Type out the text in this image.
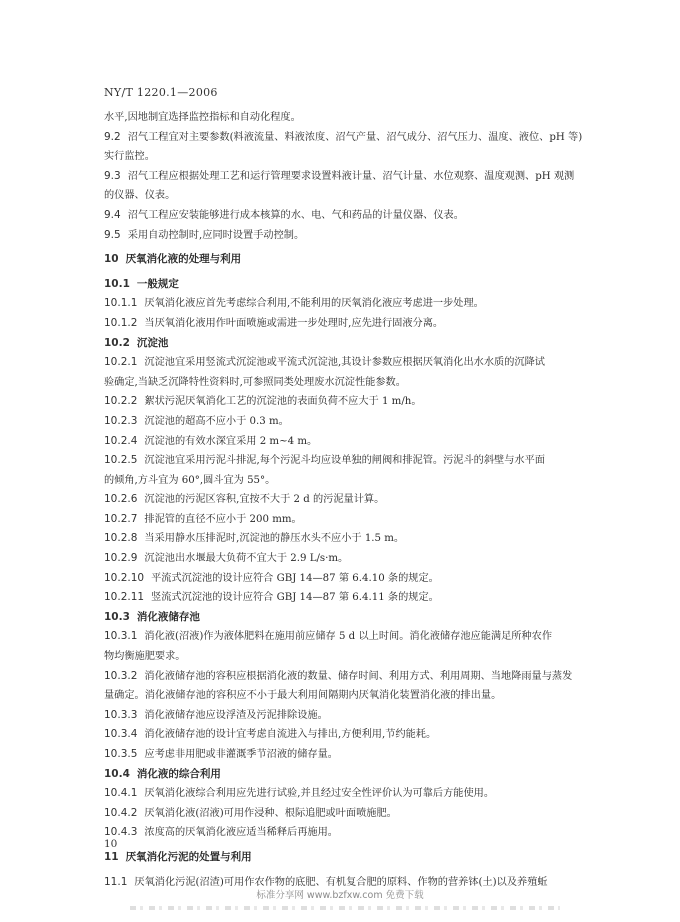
NY/T 1220.1—2006

水平,因地制宜选择监控指标和自动化程度。

9.2 沼气工程宜对主要参数(料液流量、料液浓度、沼气产量、沼气成分、沼气压力、温度、液位、pH 等)

实行监控。

9.3 沼气工程应根据处理工艺和运行管理要求设置料液计量、沼气计量、水位观察、温度观测、pH 观测

的仪器、仪表。

9.4 沼气工程应安装能够进行成本核算的水、电、气和药品的计量仪器、仪表。

9.5 采用自动控制时,应同时设置手动控制。

10 厌氧消化液的处理与利用

10.1 一般规定

10.1.1 厌氧消化液应首先考虑综合利用,不能利用的厌氧消化液应考虑进一步处理。

10.1.2 当厌氧消化液用作叶面喷施或需进一步处理时,应先进行固液分离。

10.2 沉淀池

10.2.1 沉淀池宜采用竖流式沉淀池或平流式沉淀池,其设计参数应根据厌氧消化出水水质的沉降试

验确定,当缺乏沉降特性资料时,可参照同类处理废水沉淀性能参数。

10.2.2 絮状污泥厌氧消化工艺的沉淀池的表面负荷不应大于 1 m/h。

10.2.3 沉淀池的超高不应小于 0.3 m。

10.2.4 沉淀池的有效水深宜采用 2 m~4 m。

10.2.5 沉淀池宜采用污泥斗排泥,每个污泥斗均应设单独的闸阀和排泥管。污泥斗的斜壁与水平面

的倾角,方斗宜为 60°,圆斗宜为 55°。

10.2.6 沉淀池的污泥区容积,宜按不大于 2 d 的污泥量计算。

10.2.7 排泥管的直径不应小于 200 mm。

10.2.8 当采用静水压排泥时,沉淀池的静压水头不应小于 1.5 m。

10.2.9 沉淀池出水堰最大负荷不宜大于 2.9 L/s·m。

10.2.10 平流式沉淀池的设计应符合 GBJ 14—87 第 6.4.10 条的规定。

10.2.11 竖流式沉淀池的设计应符合 GBJ 14—87 第 6.4.11 条的规定。

10.3 消化液储存池

10.3.1 消化液(沼液)作为液体肥料在施用前应储存 5 d 以上时间。消化液储存池应能满足所种农作

物均衡施肥要求。

10.3.2 消化液储存池的容积应根据消化液的数量、储存时间、利用方式、利用周期、当地降雨量与蒸发

量确定。消化液储存池的容积应不小于最大利用间隔期内厌氧消化装置消化液的排出量。

10.3.3 消化液储存池应设浮渣及污泥排除设施。

10.3.4 消化液储存池的设计宜考虑自流进入与排出,方便利用,节约能耗。

10.3.5 应考虑非用肥或非灌溉季节沼液的储存量。

10.4 消化液的综合利用

10.4.1 厌氧消化液综合利用应先进行试验,并且经过安全性评价认为可靠后方能使用。

10.4.2 厌氧消化液(沼液)可用作浸种、根际追肥或叶面喷施肥。

10.4.3 浓度高的厌氧消化液应适当稀释后再施用。

11 厌氧消化污泥的处置与利用

11.1 厌氧消化污泥(沼渣)可用作农作物的底肥、有机复合肥的原料、作物的营养钵(土)以及养殖蚯

10
标准分享网 www.bzfxw.com 免费下载
